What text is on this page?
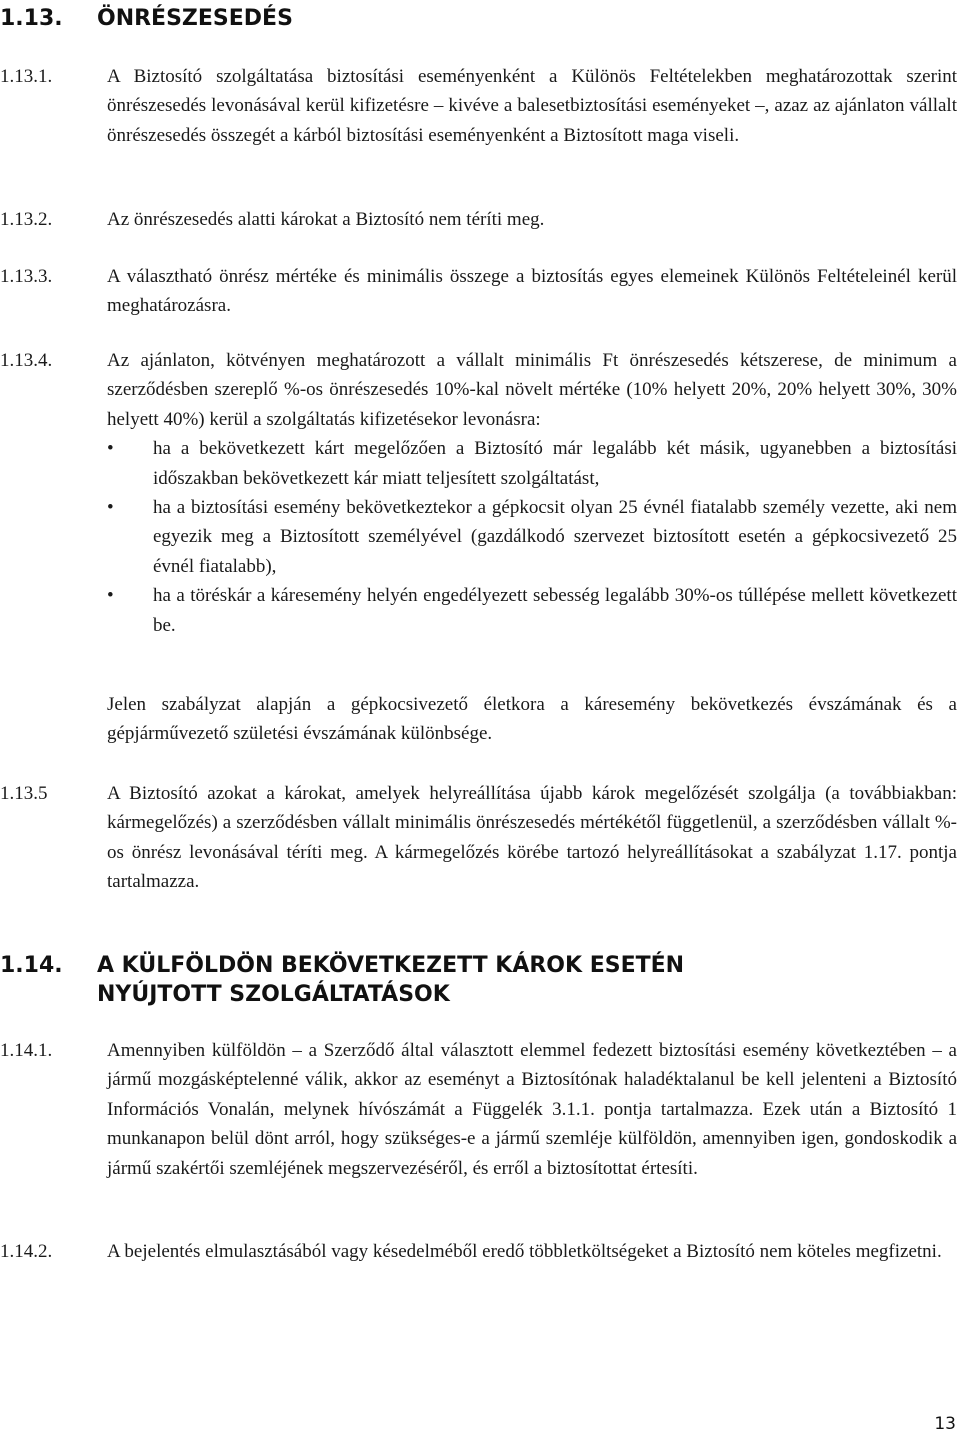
1.13. ÖNRÉSZESEDÉS
1.13.1.	A Biztosító szolgáltatása biztosítási eseményenként a Különös Feltételekben meghatározottak szerint önrészesedés levonásával kerül kifizetésre – kivéve a balesetbiztosítási eseményeket –, azaz az ajánlaton vállalt önrészesedés összegét a kárból biztosítási eseményenként a Biztosított maga viseli.
1.13.2.	Az önrészesedés alatti károkat a Biztosító nem téríti meg.
1.13.3.	A választható önrész mértéke és minimális összege a biztosítás egyes elemeinek Különös Feltételeinél kerül meghatározásra.
1.13.4.	Az ajánlaton, kötvényen meghatározott a vállalt minimális Ft önrészesedés kétszerese, de minimum a szerződésben szereplő %-os önrészesedés 10%-kal növelt mértéke (10% helyett 20%, 20% helyett 30%, 30% helyett 40%) kerül a szolgáltatás kifizetésekor levonásra:
• ha a bekövetkezett kárt megelőzően a Biztosító már legalább két másik, ugyanebben a biztosítási időszakban bekövetkezett kár miatt teljesített szolgáltatást,
• ha a biztosítási esemény bekövetkeztekor a gépkocsit olyan 25 évnél fiatalabb személy vezette, aki nem egyezik meg a Biztosított személyével (gazdálkodó szervezet biztosított esetén a gépkocsivezető 25 évnél fiatalabb),
• ha a töréskár a káresemény helyén engedélyezett sebesség legalább 30%-os túllépése mellett következett be.
Jelen szabályzat alapján a gépkocsivezető életkora a káresemény bekövetkezés évszámának és a gépjárművezető születési évszámának különbsége.
1.13.5	A Biztosító azokat a károkat, amelyek helyreállítása újabb károk megelőzését szolgálja (a továbbiakban: kármegelőzés) a szerződésben vállalt minimális önrészesedés mértékétől függetlenül, a szerződésben vállalt %-os önrész levonásával téríti meg. A kármegelőzés körébe tartozó helyreállításokat a szabályzat 1.17. pontja tartalmazza.
1.14. A KÜLFÖLDÖN BEKÖVETKEZETT KÁROK ESETÉN NYÚJTOTT SZOLGÁLTATÁSOK
1.14.1.	Amennyiben külföldön – a Szerződő által választott elemmel fedezett biztosítási esemény következtében – a jármű mozgásképtelenné válik, akkor az eseményt a Biztosítónak haladéktalanul be kell jelenteni a Biztosító Információs Vonalán, melynek hívószámát a Függelék 3.1.1. pontja tartalmazza. Ezek után a Biztosító 1 munkanapon belül dönt arról, hogy szükséges-e a jármű szemléje külföldön, amennyiben igen, gondoskodik a jármű szakértői szemléjének megszervezéséről, és erről a biztosítottat értesíti.
1.14.2.	A bejelentés elmulasztásából vagy késedelméből eredő többletköltségeket a Biztosító nem köteles megfizetni.
13
